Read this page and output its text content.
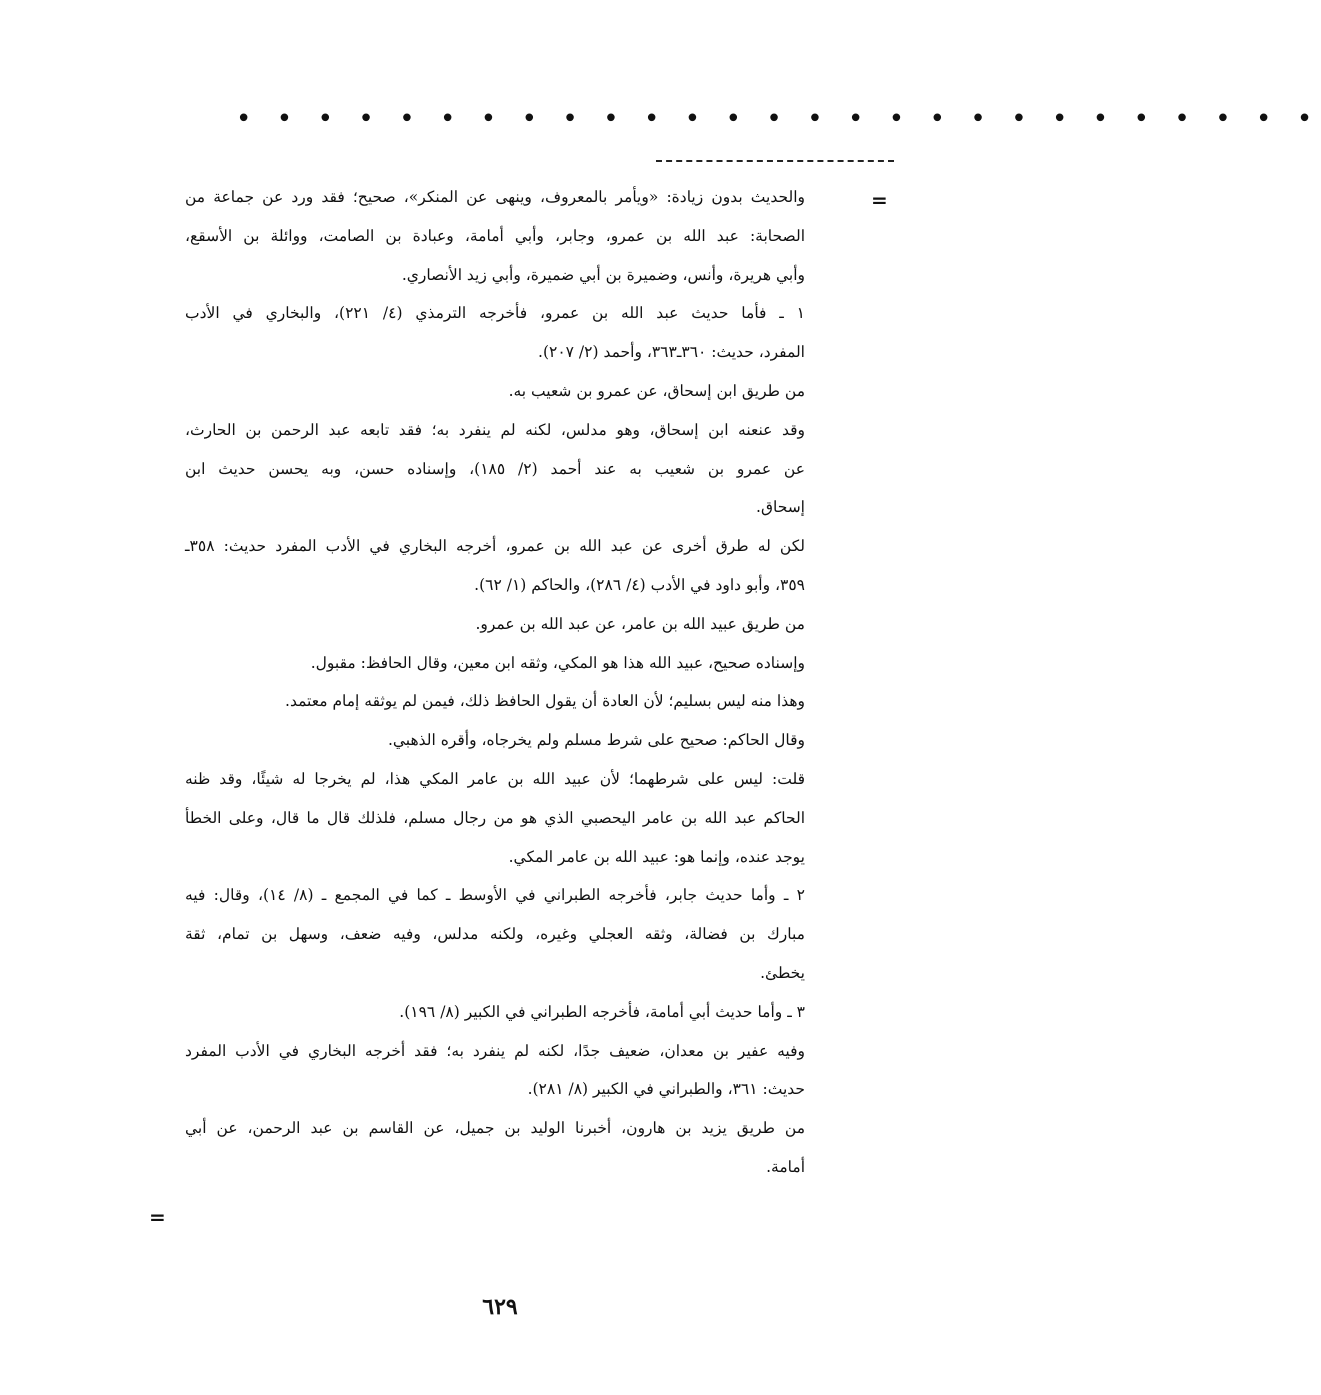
• • • • • • • • • • • • • • • • • • • • • • • • • • •
=
والحديث بدون زيادة: «ويأمر بالمعروف، وينهى عن المنكر»، صحيح؛ فقد ورد عن جماعة من
الصحابة: عبد الله بن عمرو، وجابر، وأبي أمامة، وعبادة بن الصامت، ووائلة بن الأسقع،
وأبي هريرة، وأنس، وضميرة بن أبي ضميرة، وأبي زيد الأنصاري.
١ ـ فأما حديث عبد الله بن عمرو، فأخرجه الترمذي (٤/ ٢٢١)، والبخاري في الأدب
المفرد، حديث: ٣٦٠ـ٣٦٣، وأحمد (٢/ ٢٠٧).
من طريق ابن إسحاق، عن عمرو بن شعيب به.
وقد عنعنه ابن إسحاق، وهو مدلس، لكنه لم ينفرد به؛ فقد تابعه عبد الرحمن بن الحارث،
عن عمرو بن شعيب به عند أحمد (٢/ ١٨٥)، وإسناده حسن، وبه يحسن حديث ابن
إسحاق.
لكن له طرق أخرى عن عبد الله بن عمرو، أخرجه البخاري في الأدب المفرد حديث: ٣٥٨ـ
٣٥٩، وأبو داود في الأدب (٤/ ٢٨٦)، والحاكم (١/ ٦٢).
من طريق عبيد الله بن عامر، عن عبد الله بن عمرو.
وإسناده صحيح، عبيد الله هذا هو المكي، وثقه ابن معين، وقال الحافظ: مقبول.
وهذا منه ليس بسليم؛ لأن العادة أن يقول الحافظ ذلك، فيمن لم يوثقه إمام معتمد.
وقال الحاكم: صحيح على شرط مسلم ولم يخرجاه، وأقره الذهبي.
قلت: ليس على شرطهما؛ لأن عبيد الله بن عامر المكي هذا، لم يخرجا له شيئًا، وقد ظنه
الحاكم عبد الله بن عامر اليحصبي الذي هو من رجال مسلم، فلذلك قال ما قال، وعلى الخطأ
يوجد عنده، وإنما هو: عبيد الله بن عامر المكي.
٢ ـ وأما حديث جابر، فأخرجه الطبراني في الأوسط ـ كما في المجمع ـ (٨/ ١٤)، وقال: فيه
مبارك بن فضالة، وثقه العجلي وغيره، ولكنه مدلس، وفيه ضعف، وسهل بن تمام، ثقة
يخطئ.
٣ ـ وأما حديث أبي أمامة، فأخرجه الطبراني في الكبير (٨/ ١٩٦).
وفيه عفير بن معدان، ضعيف جدًا، لكنه لم ينفرد به؛ فقد أخرجه البخاري في الأدب المفرد
حديث: ٣٦١، والطبراني في الكبير (٨/ ٢٨١).
من طريق يزيد بن هارون، أخبرنا الوليد بن جميل، عن القاسم بن عبد الرحمن، عن أبي
أمامة.
=
٦٢٩
